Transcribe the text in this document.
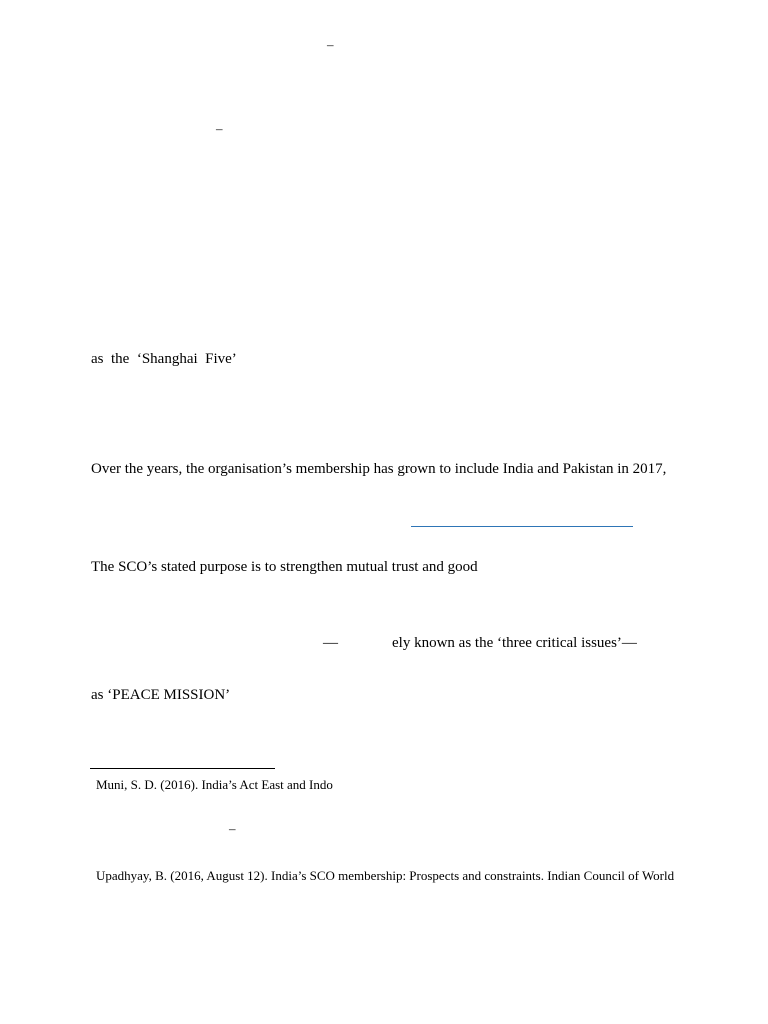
–
–
as  the  ‘Shanghai  Five’
Over the years, the organisation’s membership has grown to include India and Pakistan in 2017,
The SCO’s stated purpose is to strengthen mutual trust and good
—	ely known as the ‘three critical issues’—
as ‘PEACE MISSION’
Muni, S. D. (2016). India’s Act East and Indo
–
Upadhyay, B. (2016, August 12). India’s SCO membership: Prospects and constraints. Indian Council of World
